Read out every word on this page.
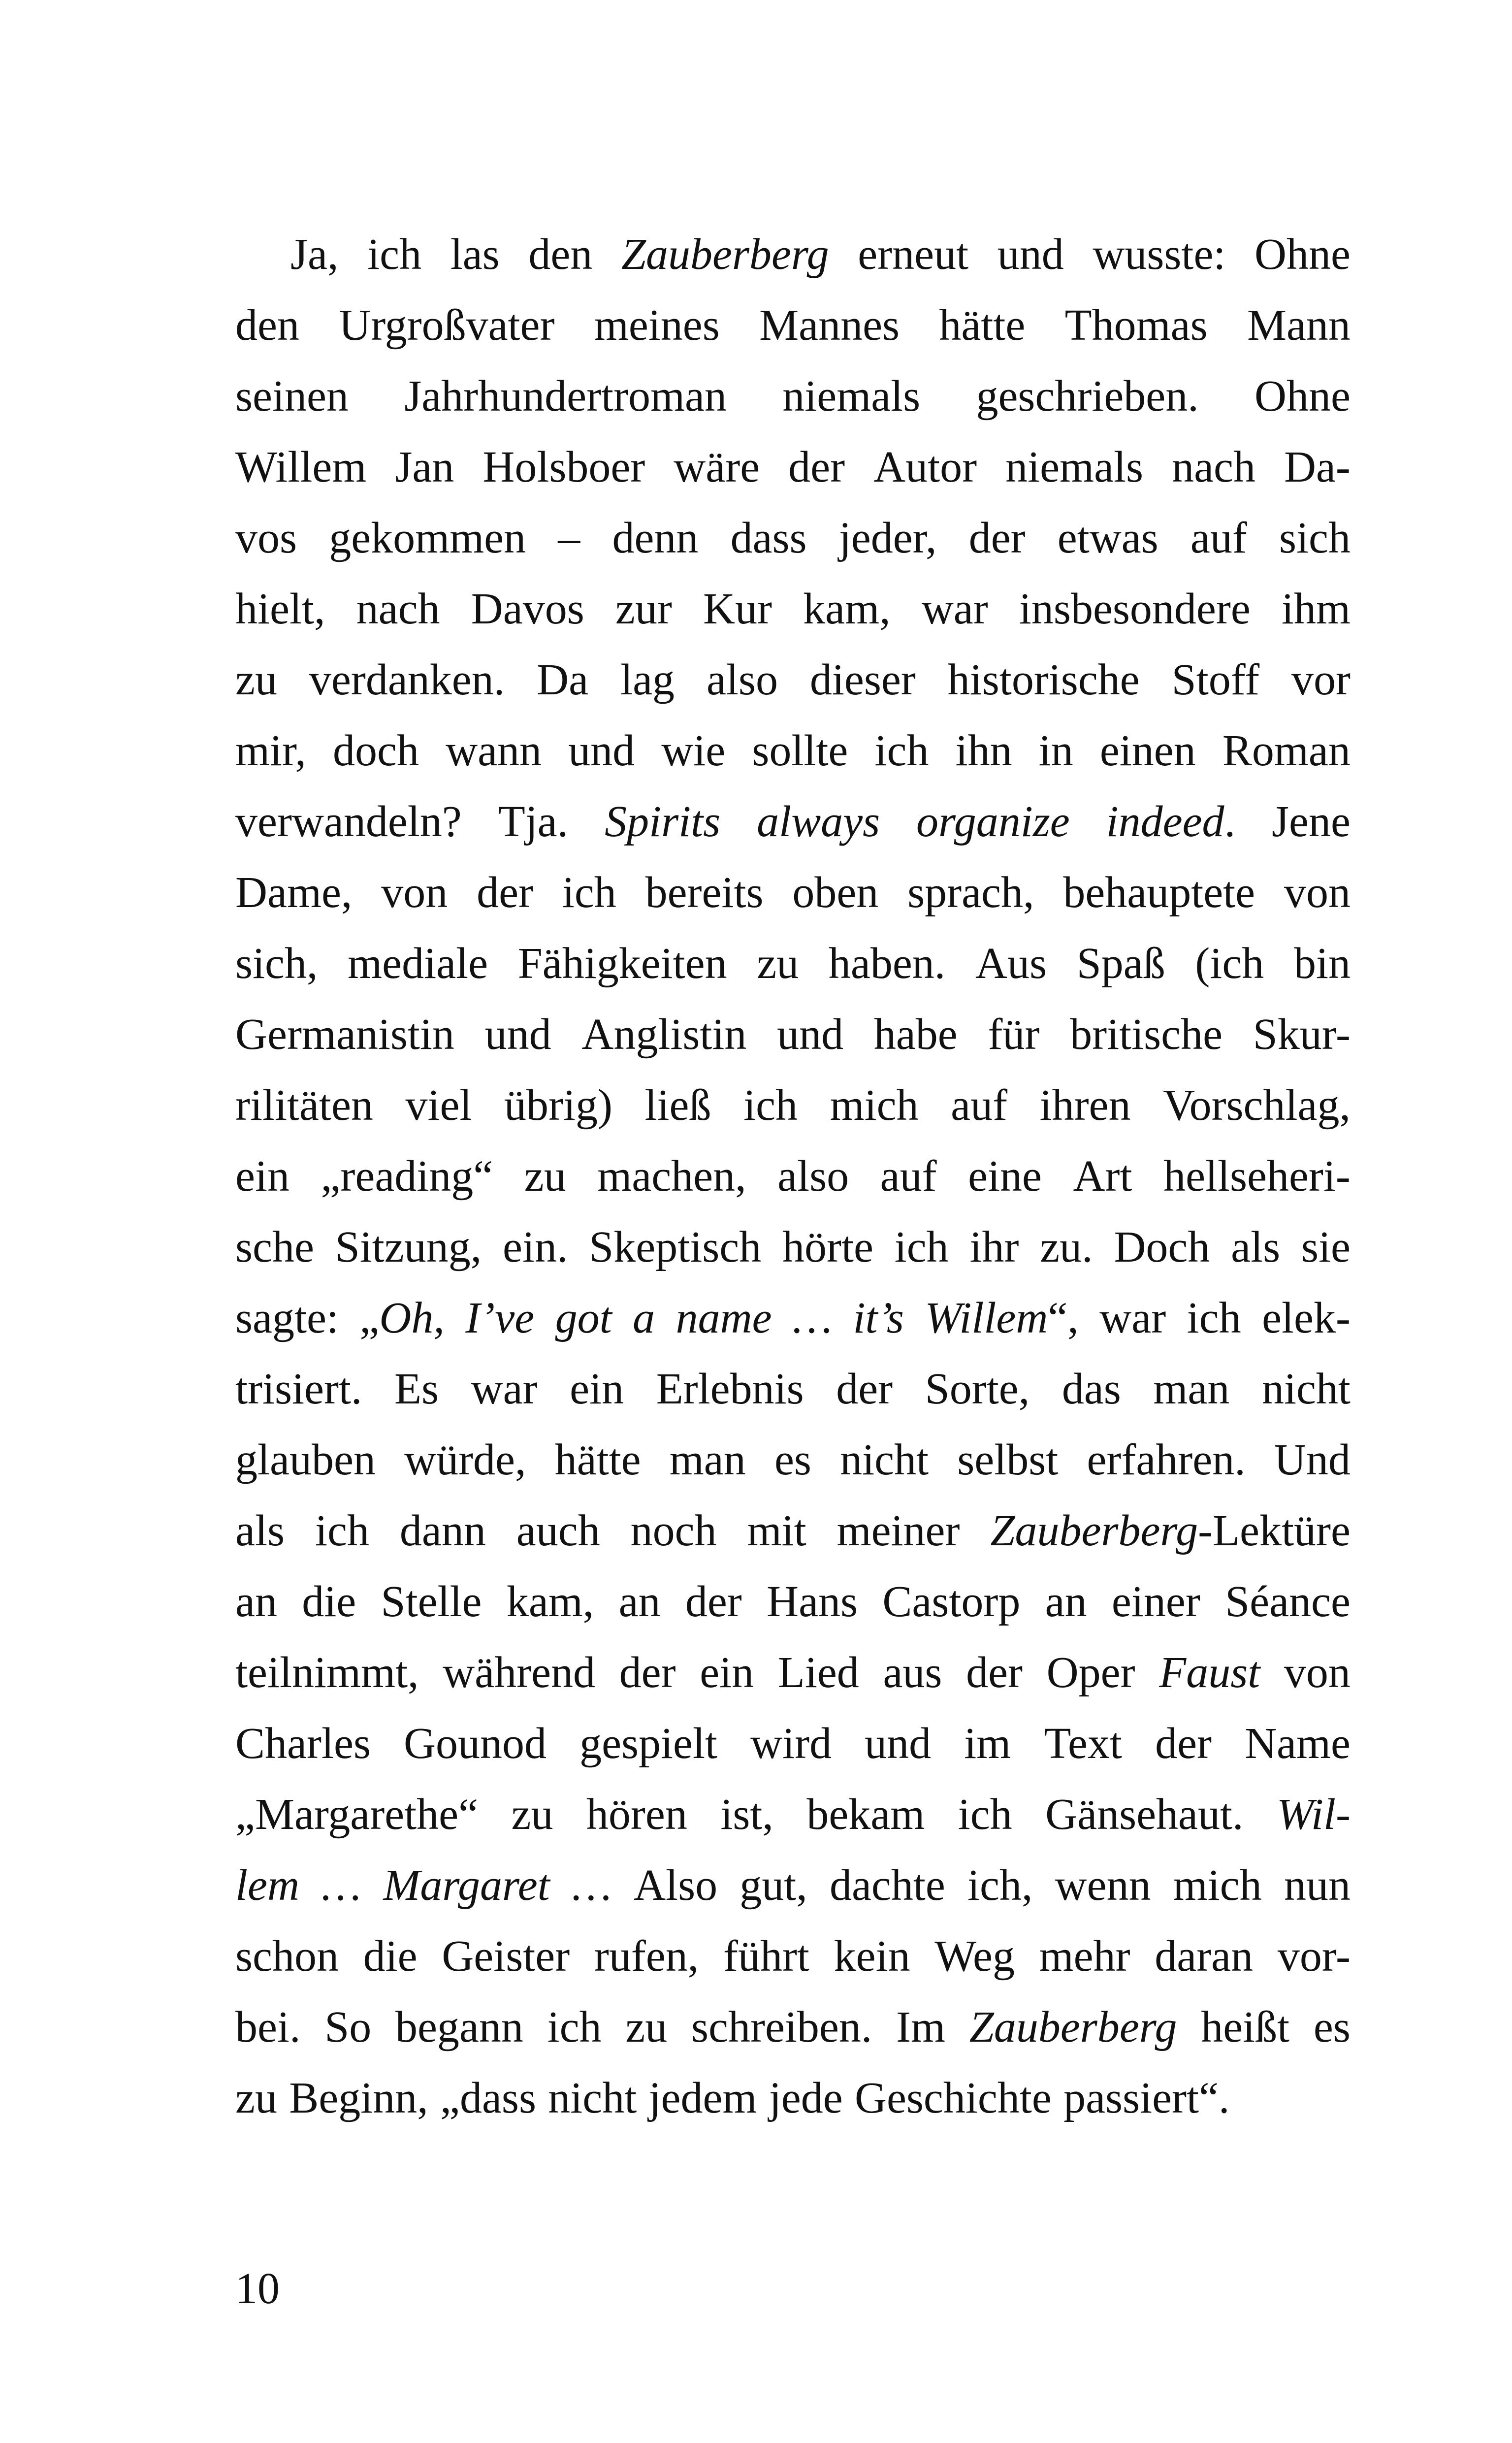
Ja, ich las den Zauberberg erneut und wusste: Ohne
den Urgroßvater meines Mannes hätte Thomas Mann
seinen Jahrhundertroman niemals geschrieben. Ohne
Willem Jan Holsboer wäre der Autor niemals nach Da-
vos gekommen – denn dass jeder, der etwas auf sich
hielt, nach Davos zur Kur kam, war insbesondere ihm
zu verdanken. Da lag also dieser historische Stoff vor
mir, doch wann und wie sollte ich ihn in einen Roman
verwandeln? Tja. Spirits always organize indeed. Jene
Dame, von der ich bereits oben sprach, behauptete von
sich, mediale Fähigkeiten zu haben. Aus Spaß (ich bin
Germanistin und Anglistin und habe für britische Skur-
rilitäten viel übrig) ließ ich mich auf ihren Vorschlag,
ein „reading“ zu machen, also auf eine Art hellseheri-
sche Sitzung, ein. Skeptisch hörte ich ihr zu. Doch als sie
sagte: „Oh, I’ve got a name … it’s Willem“, war ich elek-
trisiert. Es war ein Erlebnis der Sorte, das man nicht
glauben würde, hätte man es nicht selbst erfahren. Und
als ich dann auch noch mit meiner Zauberberg-Lektüre
an die Stelle kam, an der Hans Castorp an einer Séance
teilnimmt, während der ein Lied aus der Oper Faust von
Charles Gounod gespielt wird und im Text der Name
„Margarethe“ zu hören ist, bekam ich Gänsehaut. Wil-
lem … Margaret … Also gut, dachte ich, wenn mich nun
schon die Geister rufen, führt kein Weg mehr daran vor-
bei. So begann ich zu schreiben. Im Zauberberg heißt es
zu Beginn, „dass nicht jedem jede Geschichte passiert“.
10
